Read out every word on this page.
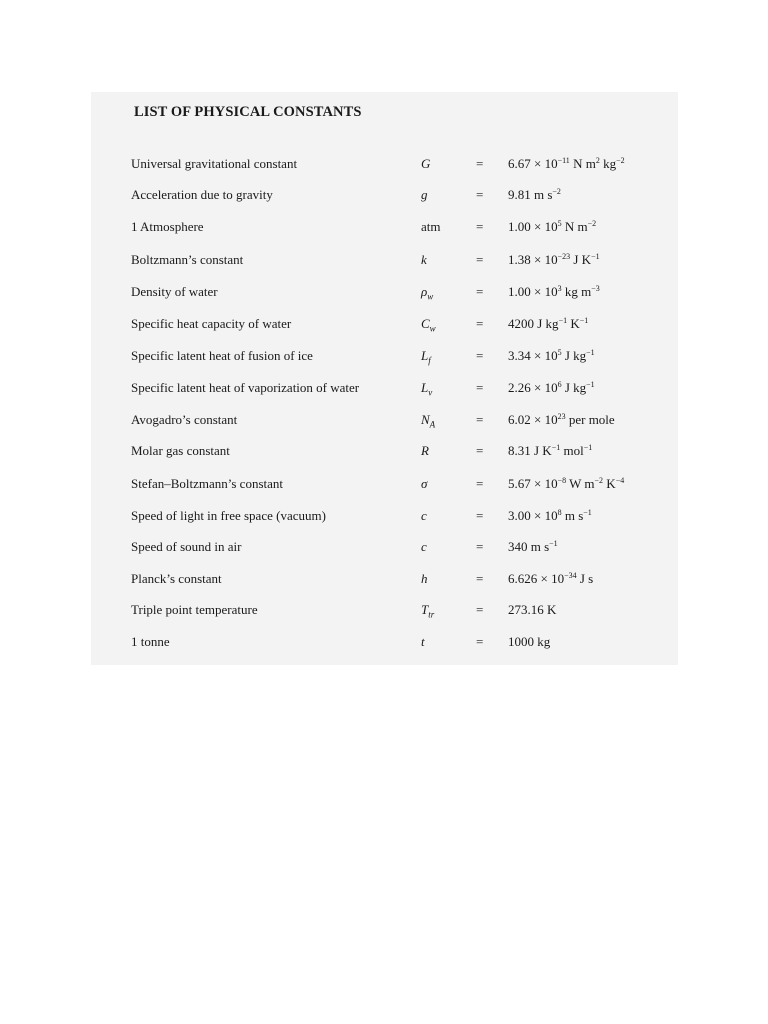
LIST OF PHYSICAL CONSTANTS
Universal gravitational constant	G	= $6.67 \times 10^{-11}$ N $m^2$ $kg^{-2}$
Acceleration due to gravity	g	= 9.81 m $s^{-2}$
1 Atmosphere	atm	= $1.00 \times 10^5$ N $m^{-2}$
Boltzmann’s constant	k	= $1.38 \times 10^{-23}$ J $K^{-1}$
Density of water	$\rho_w$	= $1.00 \times 10^3$ kg $m^{-3}$
Specific heat capacity of water	$C_w$	= 4200 J $kg^{-1}$ $K^{-1}$
Specific latent heat of fusion of ice	$L_f$	= $3.34 \times 10^5$ J $kg^{-1}$
Specific latent heat of vaporization of water	$L_v$	= $2.26 \times 10^6$ J $kg^{-1}$
Avogadro’s constant	$N_A$	= $6.02 \times 10^{23}$ per mole
Molar gas constant	R	= 8.31 J $K^{-1}$ mol$^{-1}$
Stefan–Boltzmann’s constant	σ	= $5.67 \times 10^{-8}$ W $m^{-2}$ $K^{-4}$
Speed of light in free space (vacuum)	c	= $3.00 \times 10^8$ m $s^{-1}$
Speed of sound in air	c	= 340 m $s^{-1}$
Planck’s constant	h	= $6.626 \times 10^{-34}$ J s
Triple point temperature	$T_{tr}$	= 273.16 K
1 tonne	t	= 1000 kg
